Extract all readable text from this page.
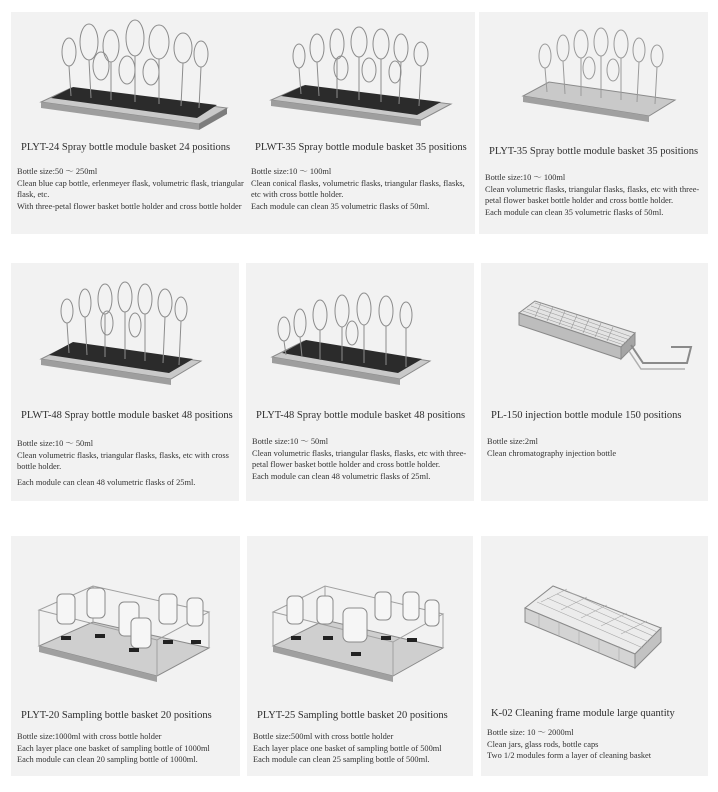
PLYT-24 Spray bottle module basket 24 positions
Bottle size:50 ～ 250ml
Clean blue cap bottle, erlenmeyer flask, volumetric flask, triangular flask, etc.
With three-petal flower basket bottle holder and cross bottle holder
PLWT-35 Spray bottle module basket 35 positions
Bottle size:10 ～ 100ml
Clean conical flasks, volumetric flasks, triangular flasks, flasks, etc with cross bottle holder.
Each module can clean 35 volumetric flasks of 50ml.
PLYT-35 Spray bottle module basket 35 positions
Bottle size:10 ～ 100ml
Clean volumetric flasks, triangular flasks, flasks, etc with three-petal flower basket bottle holder and cross bottle holder.
Each module can clean 35 volumetric flasks of 50ml.
PLWT-48 Spray bottle module basket 48 positions
Bottle size:10 ～ 50ml
Clean volumetric flasks, triangular flasks, flasks, etc with cross bottle holder.
Each module can clean 48 volumetric flasks of 25ml.
PLYT-48 Spray bottle module basket 48 positions
Bottle size:10 ～ 50ml
Clean volumetric flasks, triangular flasks, flasks, etc with three-petal flower basket bottle holder and cross bottle holder.
Each module can clean 48 volumetric flasks of 25ml.
PL-150 injection bottle module 150 positions
Bottle size:2ml
Clean chromatography injection bottle
PLYT-20 Sampling bottle basket 20 positions
Bottle size:1000ml with cross bottle holder
Each layer place one basket of sampling bottle of 1000ml
Each module can clean 20 sampling bottle of 1000ml.
PLYT-25 Sampling bottle basket 20 positions
Bottle size:500ml with cross bottle holder
Each layer place one basket of sampling bottle of 500ml
Each module can clean 25 sampling bottle of 500ml.
K-02 Cleaning frame module large quantity
Bottle size: 10 ～ 2000ml
Clean jars, glass rods, bottle caps
Two 1/2 modules form a layer of cleaning basket
